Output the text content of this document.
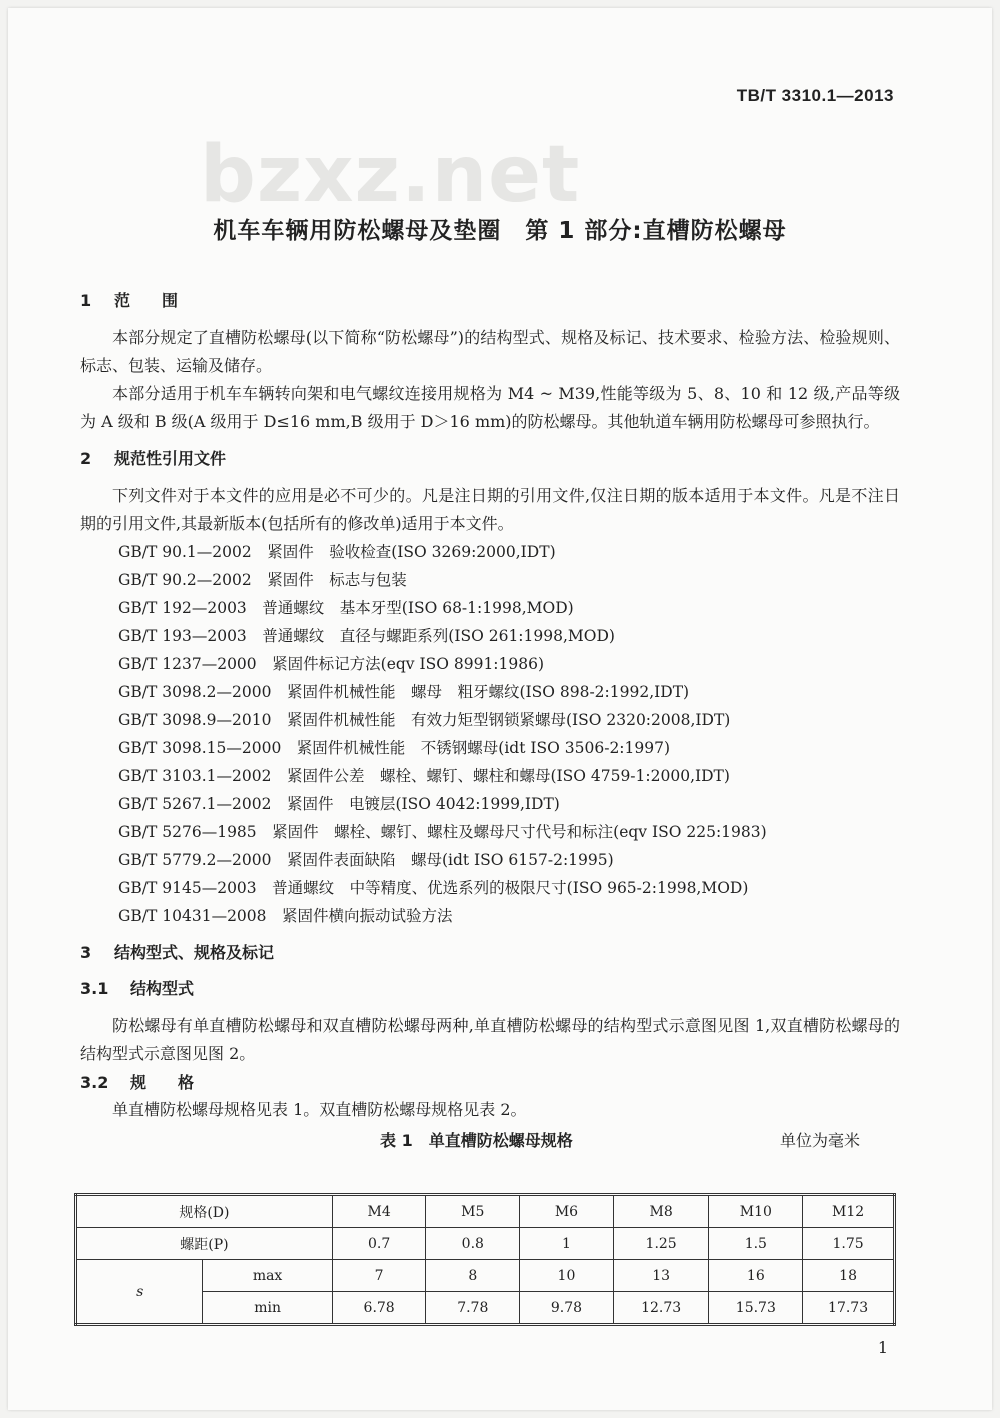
TB/T 3310.1—2013
bzxz.net
机车车辆用防松螺母及垫圈　第 1 部分:直槽防松螺母
1 范　　围

本部分规定了直槽防松螺母(以下简称“防松螺母”)的结构型式、规格及标记、技术要求、检验方法、检验规则、标志、包装、运输及储存。

本部分适用于机车车辆转向架和电气螺纹连接用规格为 M4 ~ M39,性能等级为 5、8、10 和 12 级,产品等级为 A 级和 B 级(A 级用于 D≤16 mm,B 级用于 D＞16 mm)的防松螺母。其他轨道车辆用防松螺母可参照执行。

2 规范性引用文件

下列文件对于本文件的应用是必不可少的。凡是注日期的引用文件,仅注日期的版本适用于本文件。凡是不注日期的引用文件,其最新版本(包括所有的修改单)适用于本文件。

GB/T 90.1—2002　紧固件　验收检查(ISO 3269:2000,IDT)
GB/T 90.2—2002　紧固件　标志与包装
GB/T 192—2003　普通螺纹　基本牙型(ISO 68-1:1998,MOD)
GB/T 193—2003　普通螺纹　直径与螺距系列(ISO 261:1998,MOD)
GB/T 1237—2000　紧固件标记方法(eqv ISO 8991:1986)
GB/T 3098.2—2000　紧固件机械性能　螺母　粗牙螺纹(ISO 898-2:1992,IDT)
GB/T 3098.9—2010　紧固件机械性能　有效力矩型钢锁紧螺母(ISO 2320:2008,IDT)
GB/T 3098.15—2000　紧固件机械性能　不锈钢螺母(idt ISO 3506-2:1997)
GB/T 3103.1—2002　紧固件公差　螺栓、螺钉、螺柱和螺母(ISO 4759-1:2000,IDT)
GB/T 5267.1—2002　紧固件　电镀层(ISO 4042:1999,IDT)
GB/T 5276—1985　紧固件　螺栓、螺钉、螺柱及螺母尺寸代号和标注(eqv ISO 225:1983)
GB/T 5779.2—2000　紧固件表面缺陷　螺母(idt ISO 6157-2:1995)
GB/T 9145—2003　普通螺纹　中等精度、优选系列的极限尺寸(ISO 965-2:1998,MOD)
GB/T 10431—2008　紧固件横向振动试验方法
3 结构型式、规格及标记
3.1 结构型式

防松螺母有单直槽防松螺母和双直槽防松螺母两种,单直槽防松螺母的结构型式示意图见图 1,双直槽防松螺母的结构型式示意图见图 2。

3.2 规　　格

单直槽防松螺母规格见表 1。双直槽防松螺母规格见表 2。

表 1　单直槽防松螺母规格	单位为毫米
规格(D)		M4	M5	M6	M8	M10	M12
螺距(P)		0.7	0.8	1	1.25	1.5	1.75
s	max	7	8	10	13	16	18
	min	6.78	7.78	9.78	12.73	15.73	17.73
1
